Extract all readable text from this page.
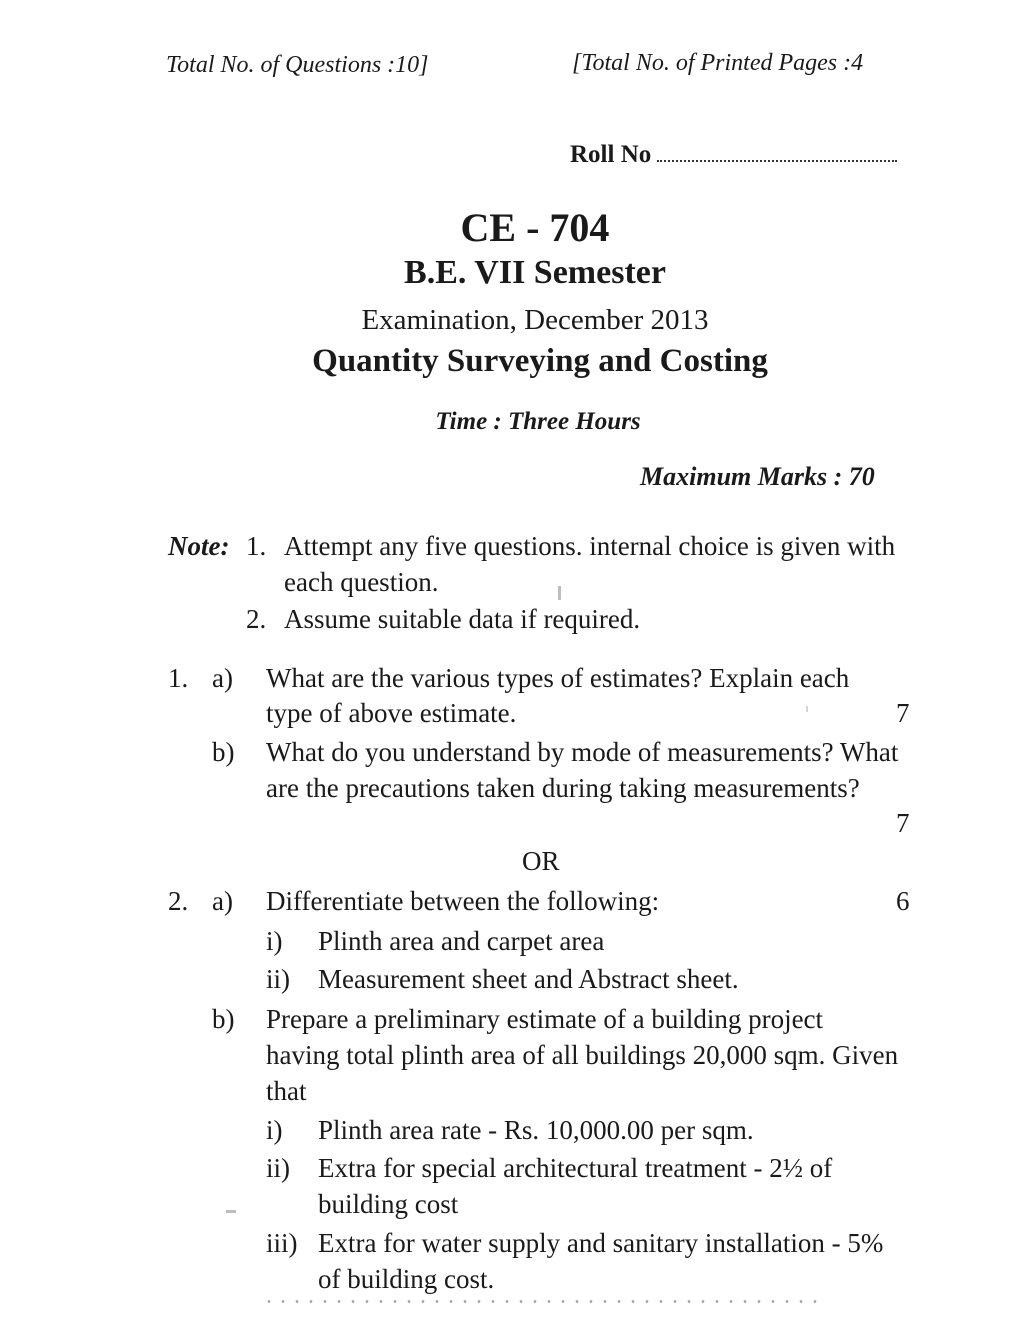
Total No. of Questions :10]	[Total No. of Printed Pages :4
Roll No
CE - 704
B.E. VII Semester
Examination, December 2013
Quantity Surveying and Costing
Time : Three Hours
Maximum Marks : 70
Note: 1. Attempt any five questions. internal choice is given with
each question.
2. Assume suitable data if required.
1. a) What are the various types of estimates? Explain each
type of above estimate.	7
b) What do you understand by mode of measurements? What
are the precautions taken during taking measurements?
7
OR
2. a) Differentiate between the following:	6
i) Plinth area and carpet area
ii) Measurement sheet and Abstract sheet.
b) Prepare a preliminary estimate of a building project
having total plinth area of all buildings 20,000 sqm. Given
that
i) Plinth area rate - Rs. 10,000.00 per sqm.
ii) Extra for special architectural treatment - 2½ of
building cost
iii) Extra for water supply and sanitary installation - 5%
of building cost.
